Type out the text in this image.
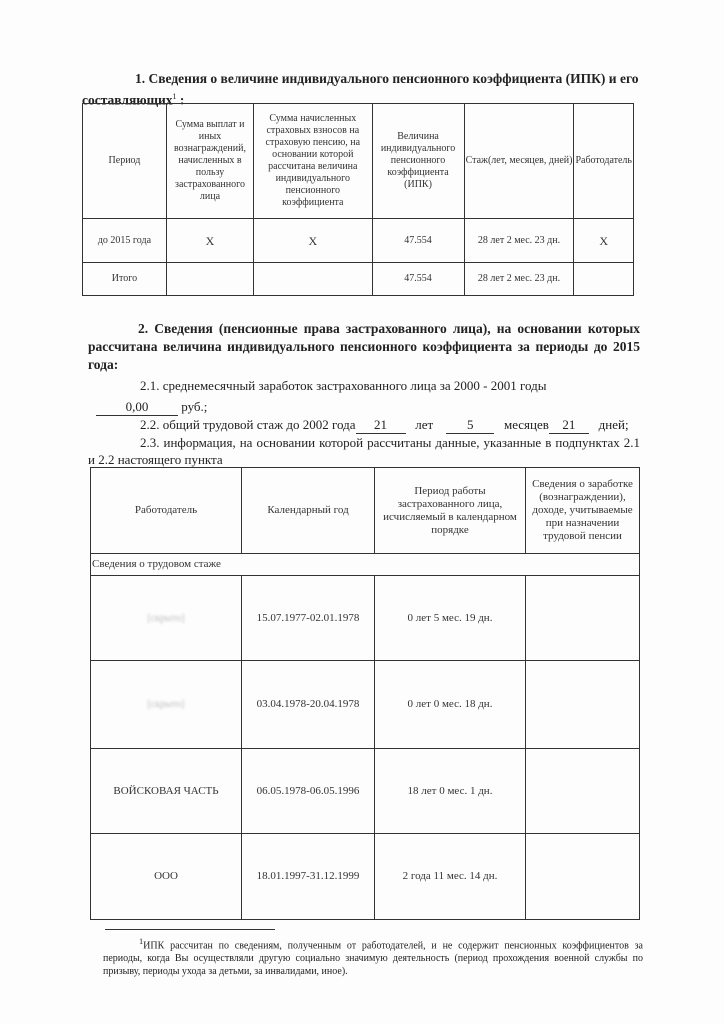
1. Сведения о величине индивидуального пенсионного коэффициента (ИПК) и его
составляющих$^1$ :
Период	Сумма выплат и иных вознаграждений, начисленных в пользу застрахованного лица	Сумма начисленных страховых взносов на страховую пенсию, на основании которой рассчитана величина индивидуального пенсионного коэффициента	Величина индивидуального пенсионного коэффициента (ИПК)	Стаж(лет, месяцев, дней)	Работодатель
до 2015 года	X	X	47.554	28 лет 2 мес. 23 дн.	X
Итого			47.554	28 лет 2 мес. 23 дн.	
2. Сведения (пенсионные права застрахованного лица), на основании которых рассчитана величина индивидуального пенсионного коэффициента за периоды до 2015 года:
2.1. среднемесячный заработок застрахованного лица за 2000 - 2001 годы
0,00	руб.;
2.2. общий трудовой стаж до 2002 года 21 лет	5 месяцев 21 дней;
2.3. информация, на основании которой рассчитаны данные, указанные в подпунктах 2.1 и 2.2 настоящего пункта
Работодатель	Календарный год	Период работы застрахованного лица, исчисляемый в календарном порядке	Сведения о заработке (вознаграждении), доходе, учитываемые при назначении трудовой пенсии
Сведения о трудовом стаже			
[скрыто]	15.07.1977-02.01.1978	0 лет 5 мес. 19 дн.	
[скрыто]	03.04.1978-20.04.1978	0 лет 0 мес. 18 дн.	
ВОЙСКОВАЯ ЧАСТЬ	06.05.1978-06.05.1996	18 лет 0 мес. 1 дн.	
ООО	18.01.1997-31.12.1999	2 года 11 мес. 14 дн.	
$^1$ИПК рассчитан по сведениям, полученным от работодателей, и не содержит пенсионных коэффициентов за периоды, когда Вы осуществляли другую социально значимую деятельность (период прохождения военной службы по призыву, периоды ухода за детьми, за инвалидами, иное).
